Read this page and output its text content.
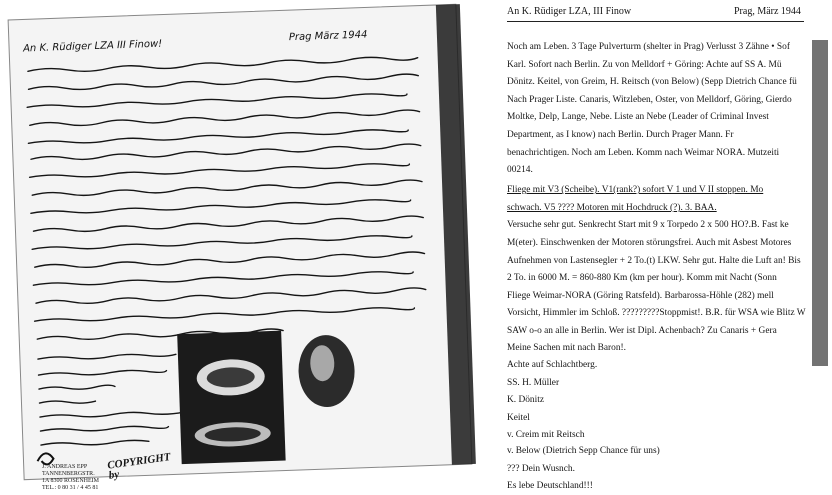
An K. Rüdiger LZA III Finow!
Prag März 1944
J. ANDREAS EPP TANNENBERGSTR. 1A 8300 ROSENHEIM TEL.: 0 80 31 / 4 45 81
COPYRIGHT by
An K. Rüdiger LZA, III Finow	Prag, März 1944
Noch am Leben. 3 Tage Pulverturm (shelter in Prag) Verlusst 3 Zähne • Sof
Karl. Sofort nach Berlin. Zu von Melldorf + Göring: Achte auf SS A. Mü
Dönitz. Keitel, von Greim, H. Reitsch (von Below) (Sepp Dietrich Chance fü
Nach Prager Liste. Canaris, Witzleben, Oster, von Melldorf, Göring, Gierdo
Moltke, Delp, Lange, Nebe. Liste an Nebe (Leader of Criminal Invest
Department, as I know) nach Berlin. Durch Prager Mann. Fr
benachrichtigen. Noch am Leben. Komm nach Weimar NORA. Mutzeiti
00214.
Fliege mit V3 (Scheibe). V1(rank?) sofort V 1 und V II stoppen. Mo
schwach. V5 ???? Motoren mit Hochdruck (?). 3. BAA.
Versuche sehr gut. Senkrecht Start mit 9 x Torpedo 2 x 500 HO?.B. Fast ke
M(eter). Einschwenken der Motoren störungsfrei. Auch mit Asbest Motores
Aufnehmen von Lastensegler + 2 To.(t) LKW. Sehr gut. Halte die Luft an! Bis
2 To. in 6000 M. = 860-880 Km (km per hour). Komm mit Nacht (Sonn
Fliege Weimar-NORA (Göring Ratsfeld). Barbarossa-Höhle (282) mell
Vorsicht, Himmler im Schloß. ?????????Stoppmist!. B.R. für WSA wie Blitz W
SAW o-o an alle in Berlin. Wer ist Dipl. Achenbach? Zu Canaris + Gera
Meine Sachen mit nach Baron!.
Achte auf Schlachtberg.
SS. H. Müller
K. Dönitz
Keitel
v. Creim mit Reitsch
v. Below (Dietrich Sepp Chance für uns)
??? Dein Wusnch.
Es lebe Deutschland!!!
